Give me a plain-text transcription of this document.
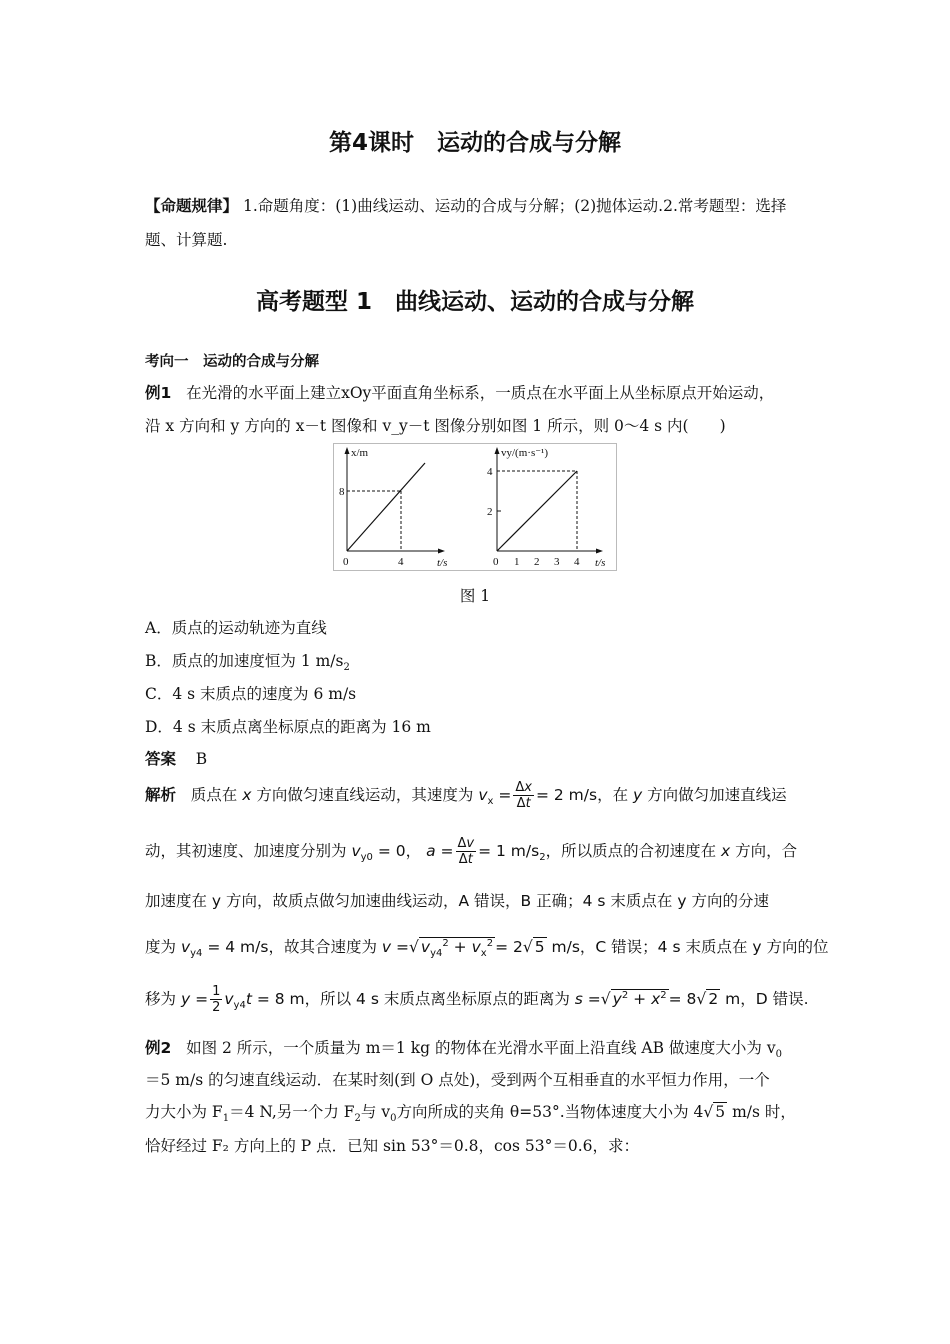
第4课时　运动的合成与分解
【命题规律】 1.命题角度：(1)曲线运动、运动的合成与分解；(2)抛体运动.2.常考题型：选择
题、计算题.
高考题型 1　曲线运动、运动的合成与分解
考向一　运动的合成与分解
例1 在光滑的水平面上建立xOy平面直角坐标系，一质点在水平面上从坐标原点开始运动，
沿 x 方向和 y 方向的 x－t 图像和 v_y－t 图像分别如图 1 所示，则 0～4 s 内(　　)
x/m
8
0	4	t/s
vy/(m·s⁻¹)
4
2
0 1 2 3 4 t/s
图 1
A．质点的运动轨迹为直线
B．质点的加速度恒为 1 $m/s_2$
C．4 s 末质点的速度为 6 m/s
D．4 s 末质点离坐标原点的距离为 16 m
答案 B
解析 质点在 x 方向做匀速直线运动，其速度为 $v_x = \frac{\Delta x}{\Delta t} = 2$ m/s，在 y 方向做匀加速直线运
动，其初速度、加速度分别为 $v_{y0} = 0$， $a = \frac{\Delta v}{\Delta t} = 1$ $m/s_2$，所以质点的合初速度在 x 方向，合
加速度在 y 方向，故质点做匀加速曲线运动，A 错误，B 正确；4 s 末质点在 y 方向的分速
度为 $v_{y4} = 4$ m/s，故其合速度为 v =√ $v_{y4}^2 + v_x^2 = 2√$ 5 m/s，C 错误；4 s 末质点在 y 方向的位
移为 $y = \frac{1}{2} v_{y4}t = 8$ m，所以 4 s 末质点离坐标原点的距离为 s =√ $y^2 + x^2 = 8√$ 2 m，D 错误.
例2 如图 2 所示，一个质量为 m＝1 kg 的物体在光滑水平面上沿直线 AB 做速度大小为 $v_0$
＝5 m/s 的匀速直线运动．在某时刻(到 O 点处)，受到两个互相垂直的水平恒力作用，一个
力大小为 $F_1=4$ N,另一个力 $F_2$与 $v_0$方向所成的夹角 θ=53°.当物体速度大小为 4√ 5 m/s 时，
恰好经过 F₂ 方向上的 P 点．已知 sin 53°＝0.8，cos 53°＝0.6，求：
